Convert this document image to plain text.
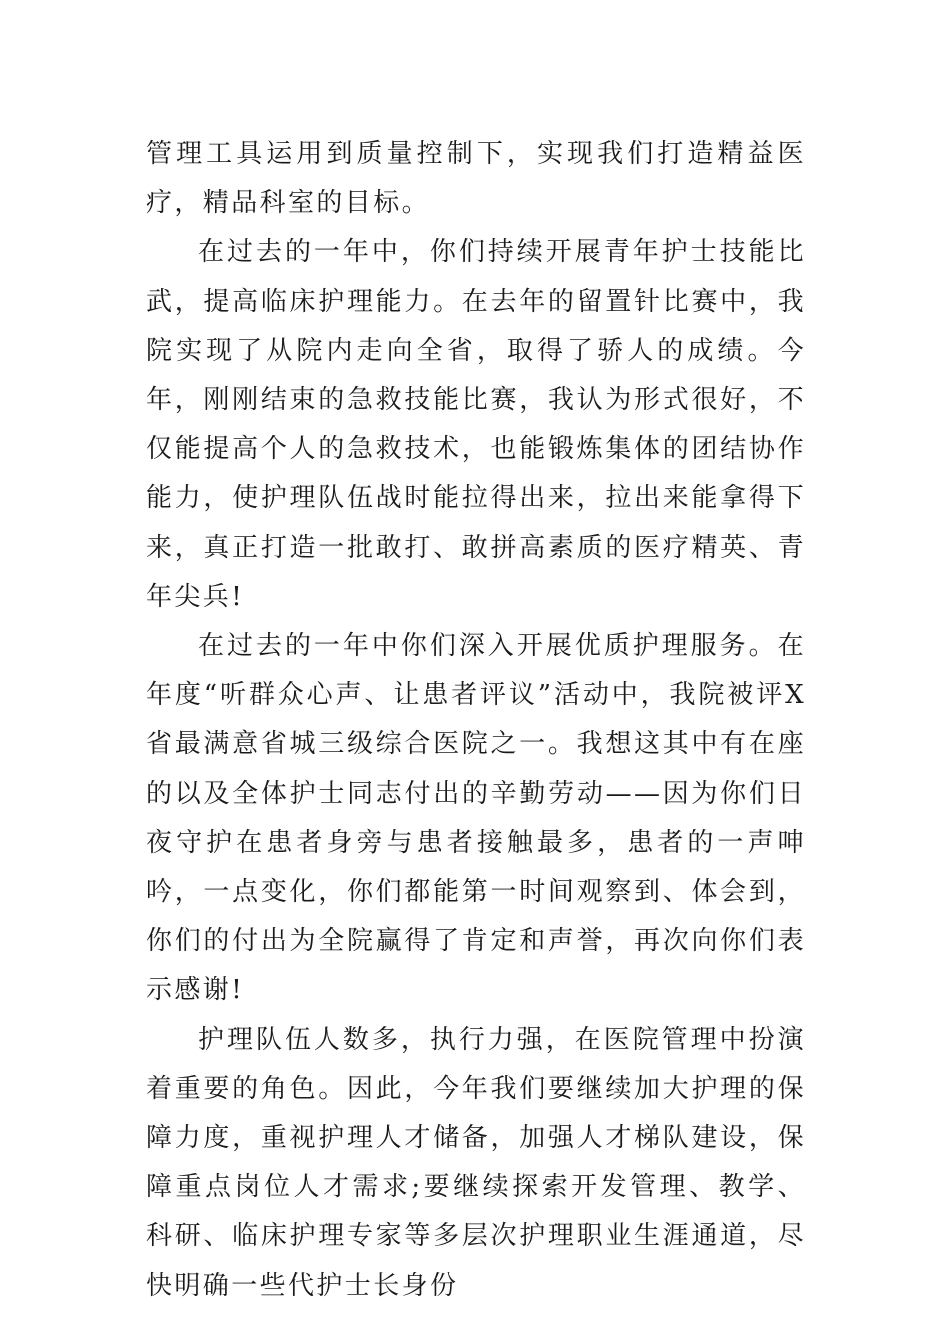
管理工具运用到质量控制下，实现我们打造精益医疗，精品科室的目标。

在过去的一年中，你们持续开展青年护士技能比武，提高临床护理能力。在去年的留置针比赛中，我院实现了从院内走向全省，取得了骄人的成绩。今年，刚刚结束的急救技能比赛，我认为形式很好，不仅能提高个人的急救技术，也能锻炼集体的团结协作能力，使护理队伍战时能拉得出来，拉出来能拿得下来，真正打造一批敢打、敢拼高素质的医疗精英、青年尖兵!

在过去的一年中你们深入开展优质护理服务。在年度“听群众心声、让患者评议”活动中，我院被评X省最满意省城三级综合医院之一。我想这其中有在座的以及全体护士同志付出的辛勤劳动——因为你们日夜守护在患者身旁与患者接触最多，患者的一声呻吟，一点变化，你们都能第一时间观察到、体会到，你们的付出为全院赢得了肯定和声誉，再次向你们表示感谢!

护理队伍人数多，执行力强，在医院管理中扮演着重要的角色。因此，今年我们要继续加大护理的保障力度，重视护理人才储备，加强人才梯队建设，保障重点岗位人才需求;要继续探索开发管理、教学、科研、临床护理专家等多层次护理职业生涯通道，尽快明确一些代护士长身份
